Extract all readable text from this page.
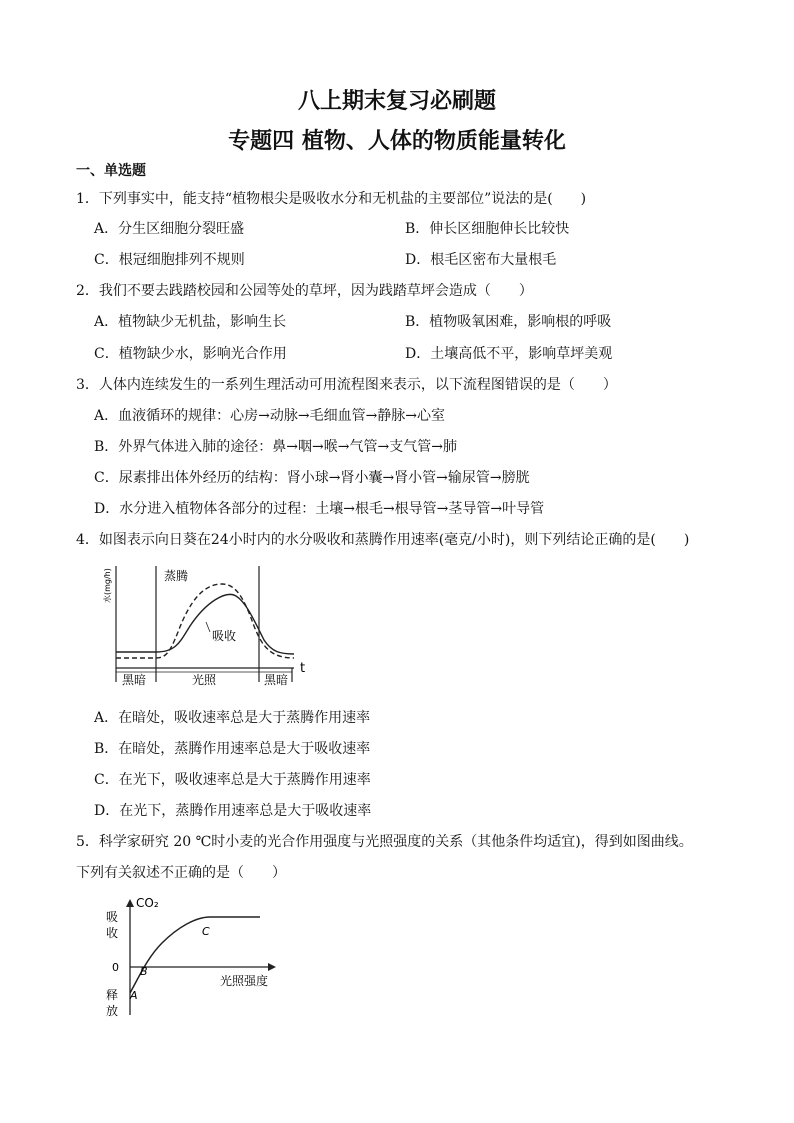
八上期末复习必刷题
专题四 植物、人体的物质能量转化
一、单选题
1．下列事实中，能支持“植物根尖是吸收水分和无机盐的主要部位”说法的是(　　)
A．分生区细胞分裂旺盛	B．伸长区细胞伸长比较快
C．根冠细胞排列不规则	D．根毛区密布大量根毛
2．我们不要去践踏校园和公园等处的草坪，因为践踏草坪会造成（　　）
A．植物缺少无机盐，影响生长	B．植物吸氧困难，影响根的呼吸
C．植物缺少水，影响光合作用	D．土壤高低不平，影响草坪美观
3．人体内连续发生的一系列生理活动可用流程图来表示，以下流程图错误的是（　　）
A．血液循环的规律：心房→动脉→毛细血管→静脉→心室
B．外界气体进入肺的途径：鼻→咽→喉→气管→支气管→肺
C．尿素排出体外经历的结构：肾小球→肾小囊→肾小管→输尿管→膀胱
D．水分进入植物体各部分的过程：土壤→根毛→根导管→茎导管→叶导管
4．如图表示向日葵在24小时内的水分吸收和蒸腾作用速率(毫克/小时)，则下列结论正确的是(　　)
水(mg/h)
t
蒸腾
吸收
黑暗	光照	黑暗
A．在暗处，吸收速率总是大于蒸腾作用速率
B．在暗处，蒸腾作用速率总是大于吸收速率
C．在光下，吸收速率总是大于蒸腾作用速率
D．在光下，蒸腾作用速率总是大于吸收速率
5．科学家研究 20 ℃时小麦的光合作用强度与光照强度的关系（其他条件均适宜)，得到如图曲线。
下列有关叙述不正确的是（　　）
CO₂
吸
收
0
释
放
光照强度
A
B
C
